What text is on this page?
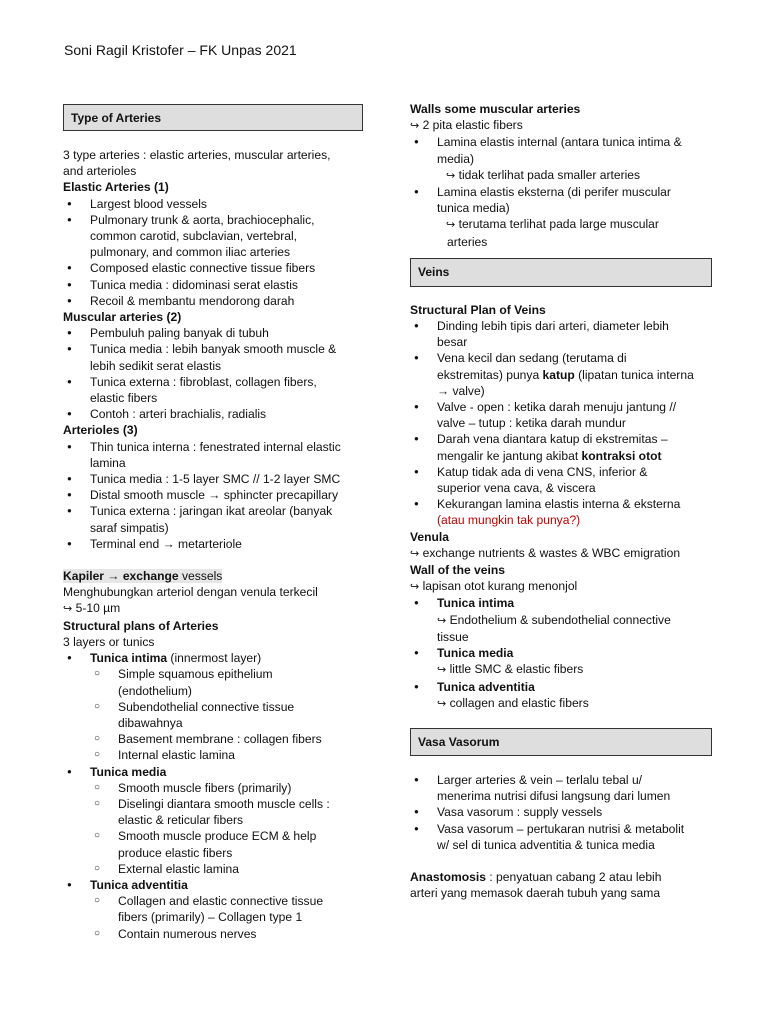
Soni Ragil Kristofer – FK Unpas 2021
Type of Arteries
3 type arteries : elastic arteries, muscular arteries,
and arterioles
Elastic Arteries (1)
● Largest blood vessels
● Pulmonary trunk & aorta, brachiocephalic,
common carotid, subclavian, vertebral,
pulmonary, and common iliac arteries
● Composed elastic connective tissue fibers
● Tunica media : didominasi serat elastis
● Recoil & membantu mendorong darah
Muscular arteries (2)
● Pembuluh paling banyak di tubuh
● Tunica media : lebih banyak smooth muscle &
lebih sedikit serat elastis
● Tunica externa : fibroblast, collagen fibers,
elastic fibers
● Contoh : arteri brachialis, radialis
Arterioles (3)
● Thin tunica interna : fenestrated internal elastic
lamina
● Tunica media : 1-5 layer SMC // 1-2 layer SMC
● Distal smooth muscle → sphincter precapillary
● Tunica externa : jaringan ikat areolar (banyak
saraf simpatis)
● Terminal end → metarteriole
Kapiler → exchange vessels
Menghubungkan arteriol dengan venula terkecil
↪ 5-10 µm
Structural plans of Arteries
3 layers or tunics
● Tunica intima (innermost layer)
○ Simple squamous epithelium
(endothelium)
○ Subendothelial connective tissue
dibawahnya
○ Basement membrane : collagen fibers
○ Internal elastic lamina
● Tunica media
○ Smooth muscle fibers (primarily)
○ Diselingi diantara smooth muscle cells :
elastic & reticular fibers
○ Smooth muscle produce ECM & help
produce elastic fibers
○ External elastic lamina
● Tunica adventitia
○ Collagen and elastic connective tissue
fibers (primarily) – Collagen type 1
○ Contain numerous nerves
Walls some muscular arteries
↪ 2 pita elastic fibers
● Lamina elastis internal (antara tunica intima &
media)
↪ tidak terlihat pada smaller arteries
● Lamina elastis eksterna (di perifer muscular
tunica media)
↪ terutama terlihat pada large muscular
arteries
Veins
Structural Plan of Veins
● Dinding lebih tipis dari arteri, diameter lebih
besar
● Vena kecil dan sedang (terutama di
ekstremitas) punya katup (lipatan tunica interna
→ valve)
● Valve - open : ketika darah menuju jantung //
valve – tutup : ketika darah mundur
● Darah vena diantara katup di ekstremitas –
mengalir ke jantung akibat kontraksi otot
● Katup tidak ada di vena CNS, inferior &
superior vena cava, & viscera
● Kekurangan lamina elastis interna & eksterna
(atau mungkin tak punya?)
Venula
↪ exchange nutrients & wastes & WBC emigration
Wall of the veins
↪ lapisan otot kurang menonjol
● Tunica intima
↪ Endothelium & subendothelial connective
tissue
● Tunica media
↪ little SMC & elastic fibers
● Tunica adventitia
↪ collagen and elastic fibers
Vasa Vasorum
● Larger arteries & vein – terlalu tebal u/
menerima nutrisi difusi langsung dari lumen
● Vasa vasorum : supply vessels
● Vasa vasorum – pertukaran nutrisi & metabolit
w/ sel di tunica adventitia & tunica media
Anastomosis : penyatuan cabang 2 atau lebih
arteri yang memasok daerah tubuh yang sama
